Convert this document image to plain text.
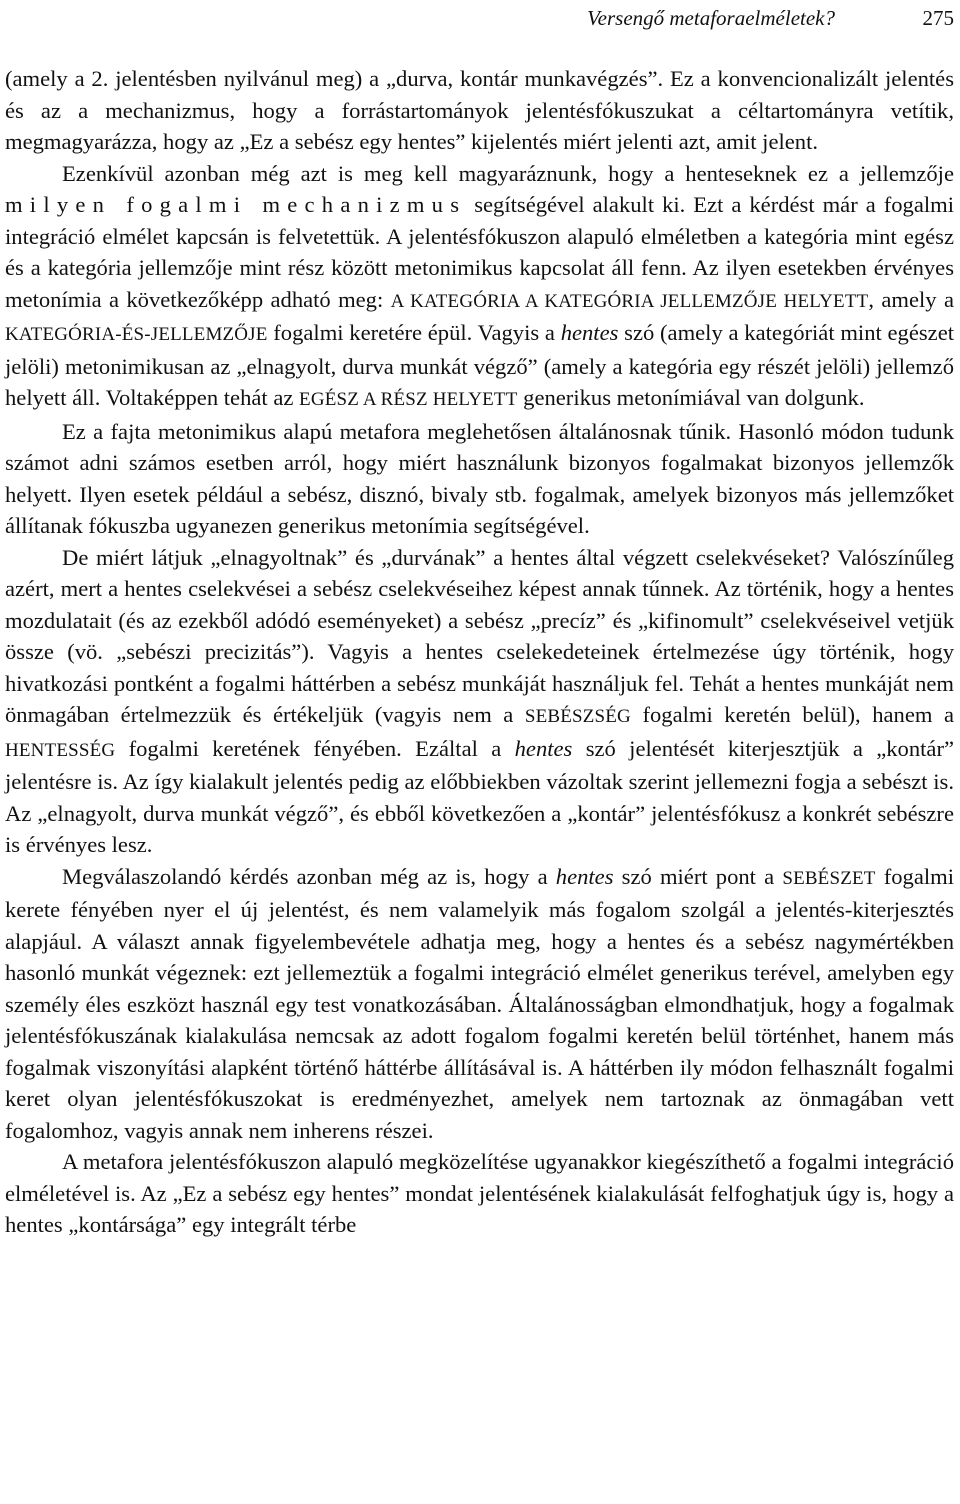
Versengő metaforaelméletek?	275

(amely a 2. jelentésben nyilvánul meg) a „durva, kontár munkavégzés”. Ez a konvencionalizált jelentés és az a mechanizmus, hogy a forrástartományok jelentésfókuszukat a céltartományra vetítik, megmagyarázza, hogy az „Ez a sebész egy hentes” kijelentés miért jelenti azt, amit jelent.

Ezenkívül azonban még azt is meg kell magyaráznunk, hogy a henteseknek ez a jellemzője milyen fogalmi mechanizmus segítségével alakult ki. Ezt a kérdést már a fogalmi integráció elmélet kapcsán is felvetettük. A jelentésfókuszon alapuló elméletben a kategória mint egész és a kategória jellemzője mint rész között metonimikus kapcsolat áll fenn. Az ilyen esetekben érvényes metonímia a következőképp adható meg: A KATEGÓRIA A KATEGÓRIA JELLEMZŐJE HELYETT, amely a KATEGÓRIA-ÉS-JELLEMZŐJE fogalmi keretére épül. Vagyis a hentes szó (amely a kategóriát mint egészet jelöli) metonimikusan az „elnagyolt, durva munkát végző” (amely a kategória egy részét jelöli) jellemző helyett áll. Voltaképpen tehát az EGÉSZ A RÉSZ HELYETT generikus metonímiával van dolgunk.

Ez a fajta metonimikus alapú metafora meglehetősen általánosnak tűnik. Hasonló módon tudunk számot adni számos esetben arról, hogy miért használunk bizonyos fogalmakat bizonyos jellemzők helyett. Ilyen esetek például a sebész, disznó, bivaly stb. fogalmak, amelyek bizonyos más jellemzőket állítanak fókuszba ugyanezen generikus metonímia segítségével.

De miért látjuk „elnagyoltnak” és „durvának” a hentes által végzett cselekvéseket? Valószínűleg azért, mert a hentes cselekvései a sebész cselekvéseihez képest annak tűnnek. Az történik, hogy a hentes mozdulatait (és az ezekből adódó eseményeket) a sebész „precíz” és „kifinomult” cselekvéseivel vetjük össze (vö. „sebészi precizitás”). Vagyis a hentes cselekedeteinek értelmezése úgy történik, hogy hivatkozási pontként a fogalmi háttérben a sebész munkáját használjuk fel. Tehát a hentes munkáját nem önmagában értelmezzük és értékeljük (vagyis nem a SEBÉSZSÉG fogalmi keretén belül), hanem a HENTESSÉG fogalmi keretének fényében. Ezáltal a hentes szó jelentését kiterjesztjük a „kontár” jelentésre is. Az így kialakult jelentés pedig az előbbiekben vázoltak szerint jellemezni fogja a sebészt is. Az „elnagyolt, durva munkát végző”, és ebből következően a „kontár” jelentésfókusz a konkrét sebészre is érvényes lesz.

Megválaszolandó kérdés azonban még az is, hogy a hentes szó miért pont a SEBÉSZET fogalmi kerete fényében nyer el új jelentést, és nem valamelyik más fogalom szolgál a jelentés-kiterjesztés alapjául. A választ annak figyelembevétele adhatja meg, hogy a hentes és a sebész nagymértékben hasonló munkát végeznek: ezt jellemeztük a fogalmi integráció elmélet generikus terével, amelyben egy személy éles eszközt használ egy test vonatkozásában. Általánosságban elmondhatjuk, hogy a fogalmak jelentésfókuszának kialakulása nemcsak az adott fogalom fogalmi keretén belül történhet, hanem más fogalmak viszonyítási alapként történő háttérbe állításával is. A háttérben ily módon felhasznált fogalmi keret olyan jelentésfókuszokat is eredményezhet, amelyek nem tartoznak az önmagában vett fogalomhoz, vagyis annak nem inherens részei.

A metafora jelentésfókuszon alapuló megközelítése ugyanakkor kiegészíthető a fogalmi integráció elméletével is. Az „Ez a sebész egy hentes” mondat jelentésének kialakulását felfoghatjuk úgy is, hogy a hentes „kontársága” egy integrált térbe
